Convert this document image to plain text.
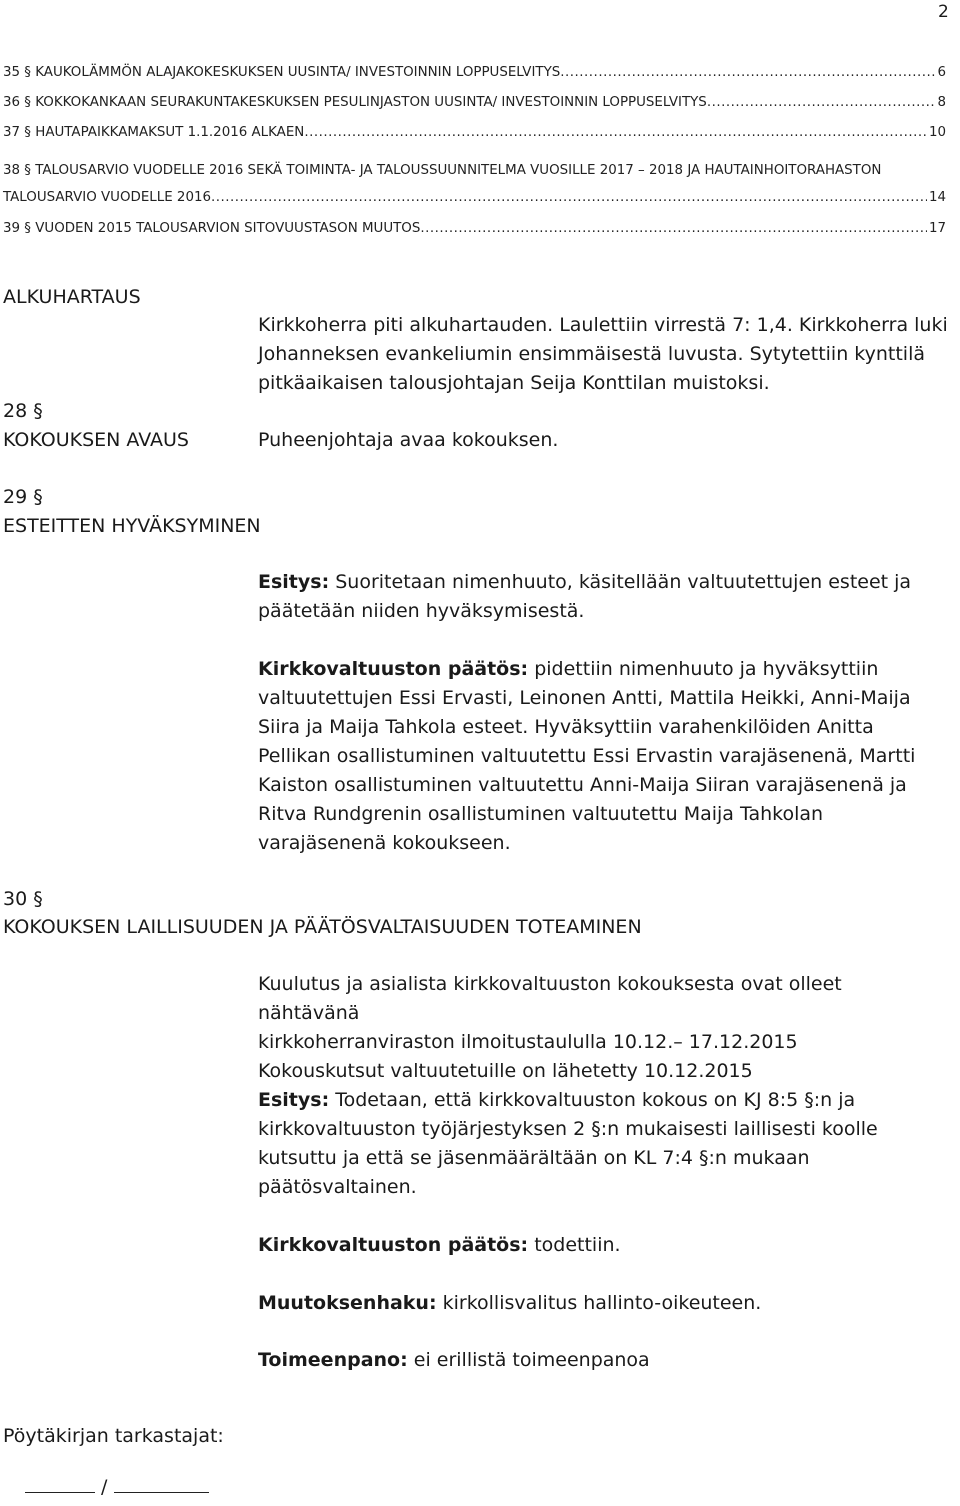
2
35 § KAUKOLÄMMÖN ALAJAKOKESKUKSEN UUSINTA/ INVESTOINNIN LOPPUSELVITYS .....	6
36 § KOKKOKANKAAN SEURAKUNTAKESKUKSEN PESULINJASTON UUSINTA/ INVESTOINNIN LOPPUSELVITYS .....	8
37 § HAUTAPAIKKAMAKSUT 1.1.2016 ALKAEN .....	10
38 § TALOUSARVIO VUODELLE 2016 SEKÄ TOIMINTA- JA TALOUSSUUNNITELMA VUOSILLE 2017 – 2018 JA HAUTAINHOITORAHASTON
TALOUSARVIO VUODELLE 2016 .....	14
39 § VUODEN 2015 TALOUSARVION SITOVUUSTASON MUUTOS .....	17
ALKUHARTAUS
Kirkkoherra piti alkuhartauden. Laulettiin virrestä 7: 1,4. Kirkkoherra luki Johanneksen evankeliumin ensimmäisestä luvusta. Sytytettiin kynttilä pitkäaikaisen talousjohtajan Seija Konttilan muistoksi.
28 §
KOKOUKSEN AVAUS	Puheenjohtaja avaa kokouksen.
29 §
ESTEITTEN HYVÄKSYMINEN

Esitys: Suoritetaan nimenhuuto, käsitellään valtuutettujen esteet ja päätetään niiden hyväksymisestä.

Kirkkovaltuuston päätös: pidettiin nimenhuuto ja hyväksyttiin valtuutettujen Essi Ervasti, Leinonen Antti, Mattila Heikki, Anni-Maija Siira ja Maija Tahkola esteet. Hyväksyttiin varahenkilöiden Anitta Pellikan osallistuminen valtuutettu Essi Ervastin varajäsenenä, Martti Kaiston osallistuminen valtuutettu Anni-Maija Siiran varajäsenenä ja Ritva Rundgrenin osallistuminen valtuutettu Maija Tahkolan varajäsenenä kokoukseen.

30 §
KOKOUKSEN LAILLISUUDEN JA PÄÄTÖSVALTAISUUDEN TOTEAMINEN

Kuulutus ja asialista kirkkovaltuuston kokouksesta ovat olleet nähtävänä

kirkkoherranviraston ilmoitustaululla 10.12.– 17.12.2015

Kokouskutsut valtuutetuille on lähetetty 10.12.2015

Esitys: Todetaan, että kirkkovaltuuston kokous on KJ 8:5 §:n ja kirkkovaltuuston työjärjestyksen 2 §:n mukaisesti laillisesti koolle kutsuttu ja että se jäsenmäärältään on KL 7:4 §:n mukaan päätösvaltainen.

Kirkkovaltuuston päätös: todettiin.

Muutoksenhaku: kirkollisvalitus hallinto-oikeuteen.

Toimeenpano: ei erillistä toimeenpanoa

Pöytäkirjan tarkastajat:
/
